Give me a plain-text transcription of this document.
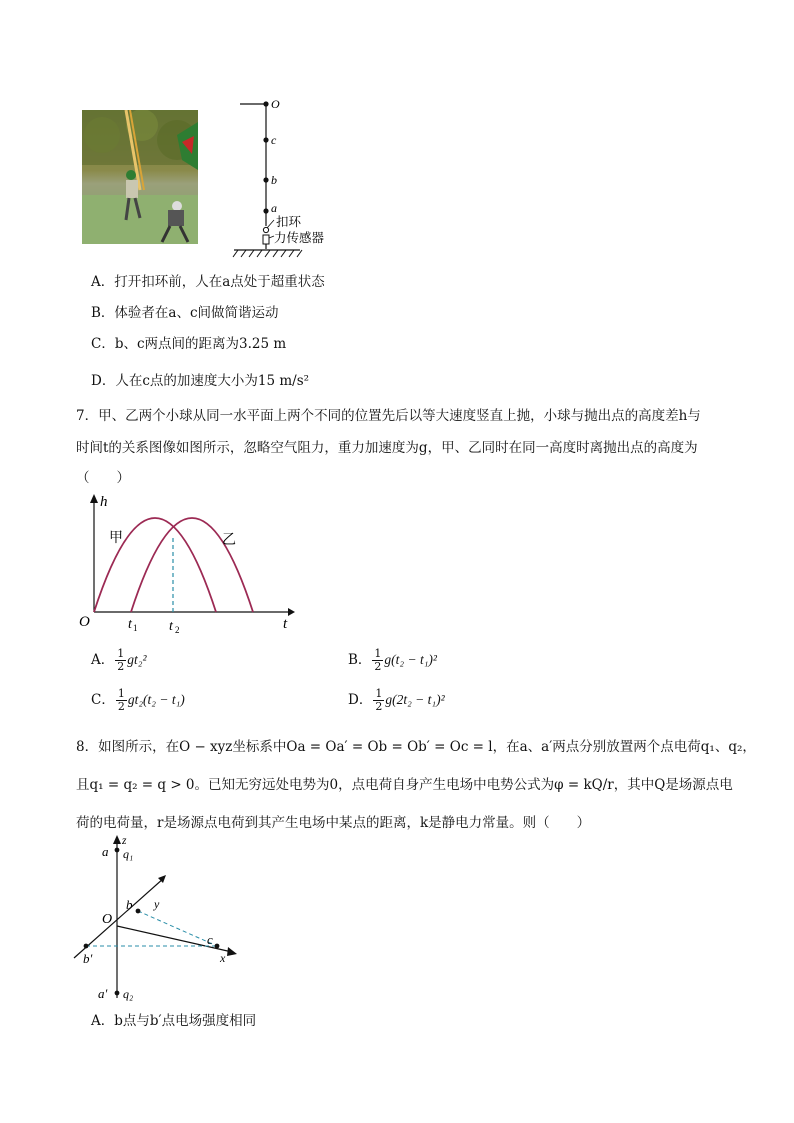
O
c
b
a
扣环
力传感器
A．打开扣环前，人在a点处于超重状态
B．体验者在a、c间做简谐运动
C．b、c两点间的距离为3.25 m
D．人在c点的加速度大小为15 m/s²
7．甲、乙两个小球从同一水平面上两个不同的位置先后以等大速度竖直上抛，小球与抛出点的高度差h与
时间t的关系图像如图所示，忽略空气阻力，重力加速度为g，甲、乙同时在同一高度时离抛出点的高度为
（　　）
h
t
O	t 1 t 2
甲	乙
A． $\frac{1}{2} gt_2^2$	B． $\frac{1}{2} g(t_2 - t_1)^2$
C． $\frac{1}{2} gt_2(t_2 - t_1)$	D． $\frac{1}{2} g(2t_2 - t_1)^2$
8．如图所示，在O − xyz坐标系中Oa = Oa′ = Ob = Ob′ = Oc = l，在a、a′两点分别放置两个点电荷q₁、q₂，
且q₁ = q₂ = q > 0。已知无穷远处电势为0，点电荷自身产生电场中电势公式为φ = kQ/r，其中Q是场源点电
荷的电荷量，r是场源点电荷到其产生电场中某点的距离，k是静电力常量。则（　　）
z
a q₁
b y
O
c
b′	x
a′ q₂
A．b点与b′点电场强度相同
